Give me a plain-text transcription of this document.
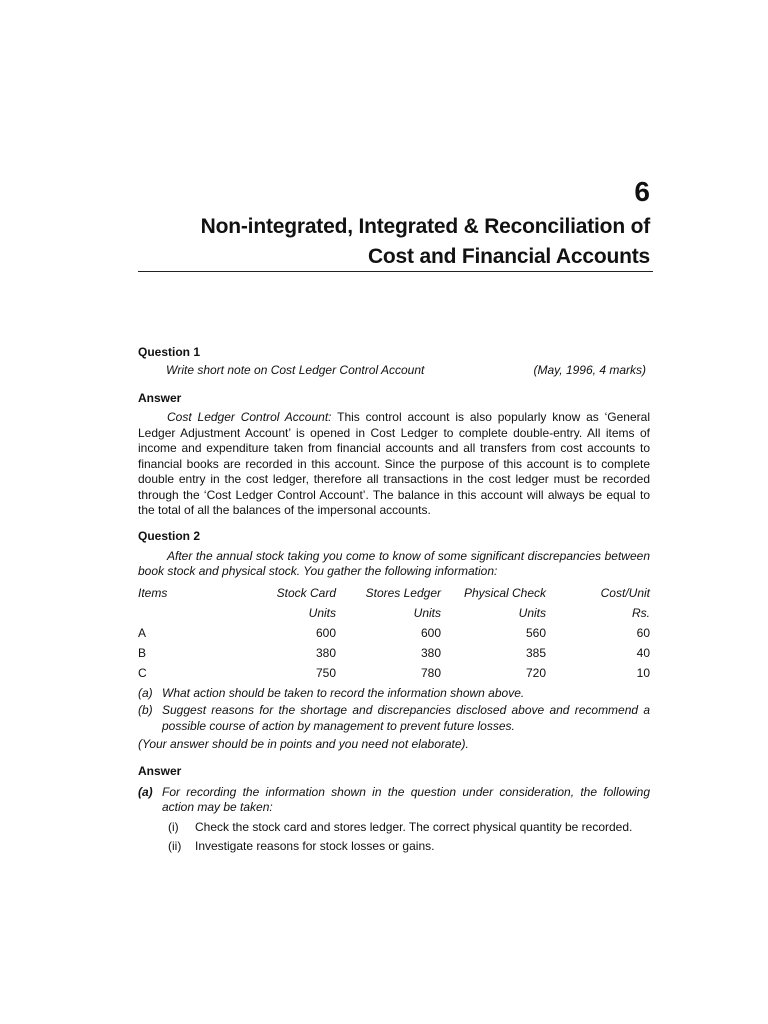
6
Non-integrated, Integrated & Reconciliation of
Cost and Financial Accounts
Question 1
Write short note on Cost Ledger Control Account	(May, 1996, 4 marks)
Answer

Cost Ledger Control Account: This control account is also popularly know as ‘General Ledger Adjustment Account’ is opened in Cost Ledger to complete double-entry. All items of income and expenditure taken from financial accounts and all transfers from cost accounts to financial books are recorded in this account. Since the purpose of this account is to complete double entry in the cost ledger, therefore all transactions in the cost ledger must be recorded through the ‘Cost Ledger Control Account’. The balance in this account will always be equal to the total of all the balances of the impersonal accounts.

Question 2

After the annual stock taking you come to know of some significant discrepancies between book stock and physical stock. You gather the following information:

Items	Stock Card	Stores Ledger	Physical Check	Cost/Unit
	Units	Units	Units	Rs.
A	600	600	560	60
B	380	380	385	40
C	750	780	720	10
(a) What action should be taken to record the information shown above.
(b) Suggest reasons for the shortage and discrepancies disclosed above and recommend a possible course of action by management to prevent future losses.
(Your answer should be in points and you need not elaborate).
Answer
(a) For recording the information shown in the question under consideration, the following action may be taken:
(i) Check the stock card and stores ledger. The correct physical quantity be recorded.
(ii) Investigate reasons for stock losses or gains.
